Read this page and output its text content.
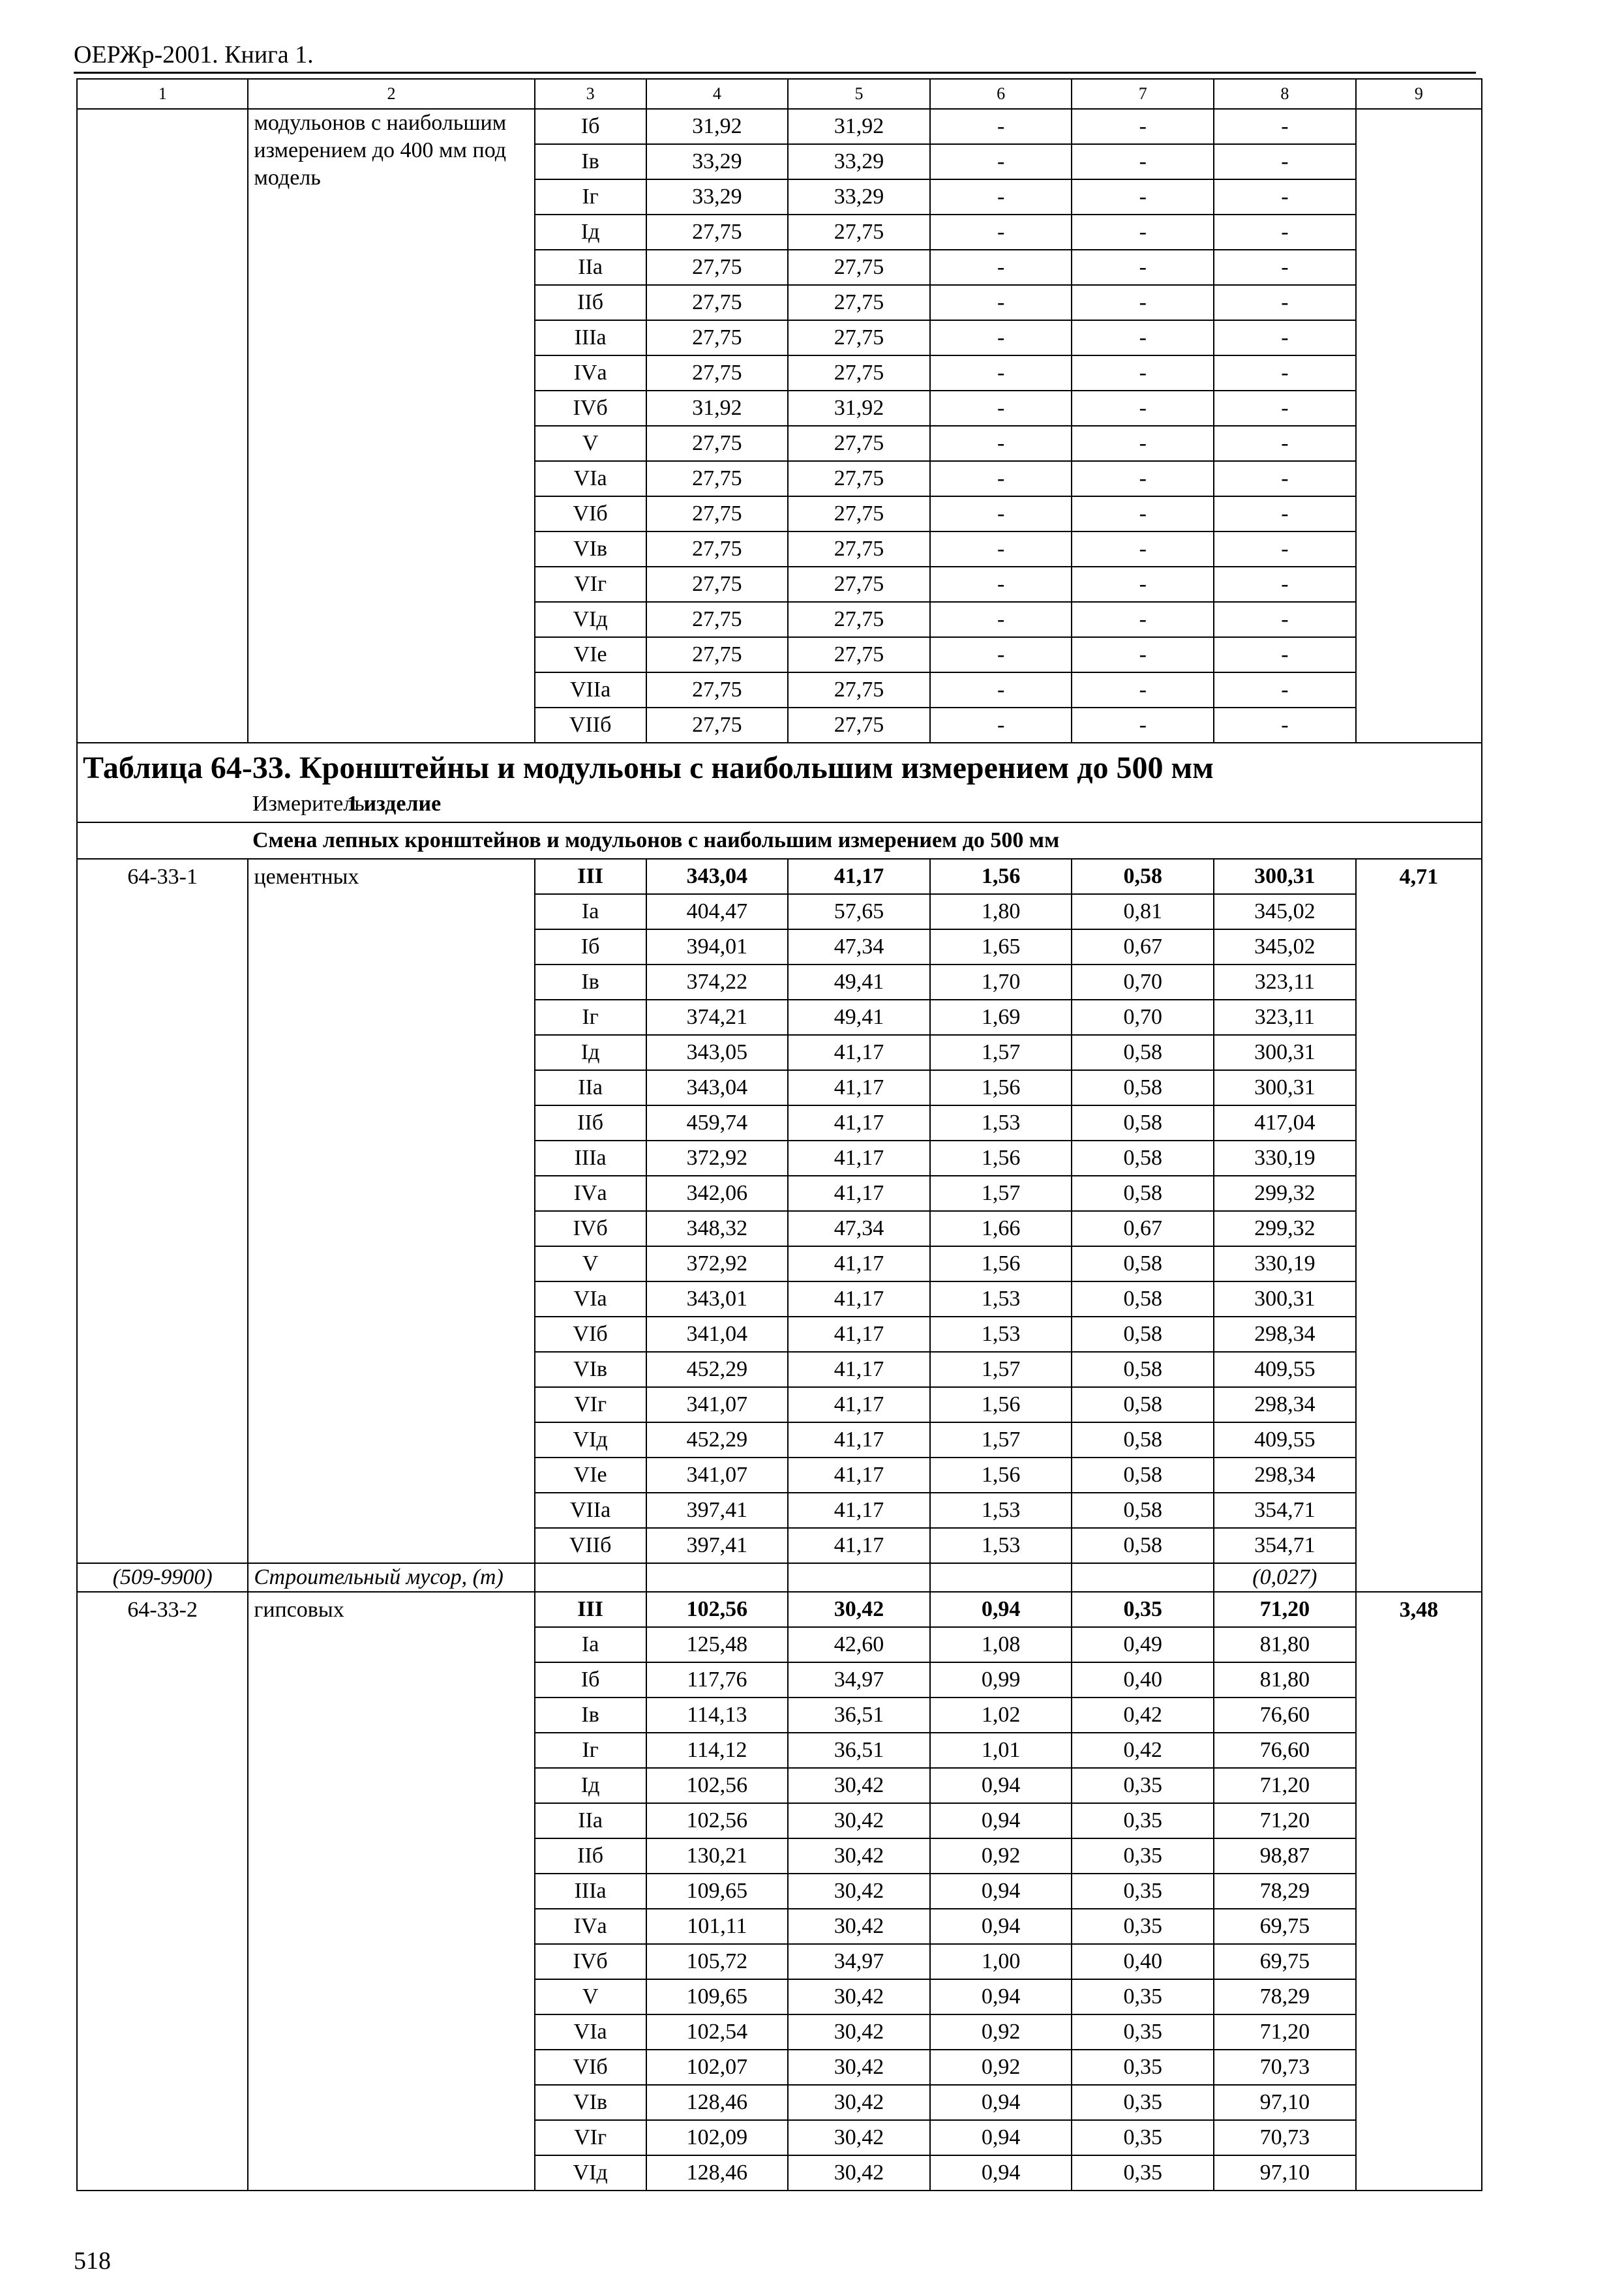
ОЕРЖр-2001. Книга 1.
1	2	3	4	5	6	7	8	9
	модульонов с наибольшим измерением до 400 мм под модель	Iб	31,92	31,92	-	-	-	
		Iв	33,29	33,29	-	-	-	
		Iг	33,29	33,29	-	-	-	
		Iд	27,75	27,75	-	-	-	
		IIа	27,75	27,75	-	-	-	
		IIб	27,75	27,75	-	-	-	
		IIIа	27,75	27,75	-	-	-	
		IVа	27,75	27,75	-	-	-	
		IVб	31,92	31,92	-	-	-	
		V	27,75	27,75	-	-	-	
		VIа	27,75	27,75	-	-	-	
		VIб	27,75	27,75	-	-	-	
		VIв	27,75	27,75	-	-	-	
		VIг	27,75	27,75	-	-	-	
		VIд	27,75	27,75	-	-	-	
		VIе	27,75	27,75	-	-	-	
		VIIа	27,75	27,75	-	-	-	
		VIIб	27,75	27,75	-	-	-	

Таблица 64-33. Кронштейны и модульоны с наибольшим измерением до 500 мм
Измеритель:1 изделие								

Смена лепных кронштейнов и модульонов с наибольшим измерением до 500 мм								
64-33-1	цементных	III	343,04	41,17	1,56	0,58	300,31	4,71
		Iа	404,47	57,65	1,80	0,81	345,02	
		Iб	394,01	47,34	1,65	0,67	345,02	
		Iв	374,22	49,41	1,70	0,70	323,11	
		Iг	374,21	49,41	1,69	0,70	323,11	
		Iд	343,05	41,17	1,57	0,58	300,31	
		IIа	343,04	41,17	1,56	0,58	300,31	
		IIб	459,74	41,17	1,53	0,58	417,04	
		IIIа	372,92	41,17	1,56	0,58	330,19	
		IVа	342,06	41,17	1,57	0,58	299,32	
		IVб	348,32	47,34	1,66	0,67	299,32	
		V	372,92	41,17	1,56	0,58	330,19	
		VIа	343,01	41,17	1,53	0,58	300,31	
		VIб	341,04	41,17	1,53	0,58	298,34	
		VIв	452,29	41,17	1,57	0,58	409,55	
		VIг	341,07	41,17	1,56	0,58	298,34	
		VIд	452,29	41,17	1,57	0,58	409,55	
		VIе	341,07	41,17	1,56	0,58	298,34	
		VIIа	397,41	41,17	1,53	0,58	354,71	
		VIIб	397,41	41,17	1,53	0,58	354,71	
(509-9900)	Строительный мусор, (т)						(0,027)	
64-33-2	гипсовых	III	102,56	30,42	0,94	0,35	71,20	3,48
		Iа	125,48	42,60	1,08	0,49	81,80	
		Iб	117,76	34,97	0,99	0,40	81,80	
		Iв	114,13	36,51	1,02	0,42	76,60	
		Iг	114,12	36,51	1,01	0,42	76,60	
		Iд	102,56	30,42	0,94	0,35	71,20	
		IIа	102,56	30,42	0,94	0,35	71,20	
		IIб	130,21	30,42	0,92	0,35	98,87	
		IIIа	109,65	30,42	0,94	0,35	78,29	
		IVа	101,11	30,42	0,94	0,35	69,75	
		IVб	105,72	34,97	1,00	0,40	69,75	
		V	109,65	30,42	0,94	0,35	78,29	
		VIа	102,54	30,42	0,92	0,35	71,20	
		VIб	102,07	30,42	0,92	0,35	70,73	
		VIв	128,46	30,42	0,94	0,35	97,10	
		VIг	102,09	30,42	0,94	0,35	70,73	
		VIд	128,46	30,42	0,94	0,35	97,10	
518
